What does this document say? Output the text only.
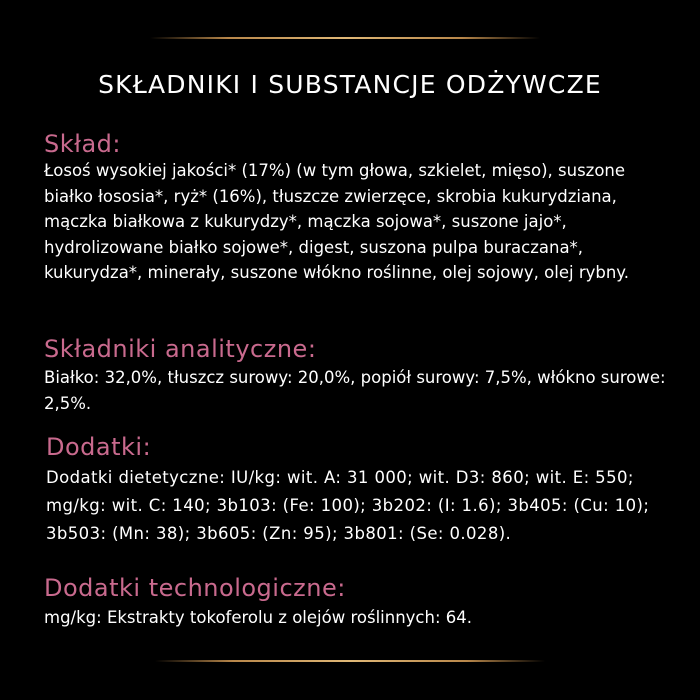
SKŁADNIKI I SUBSTANCJE ODŻYWCZE
Skład:
Łosoś wysokiej jakości* (17%) (w tym głowa, szkielet, mięso), suszone białko łososia*, ryż* (16%), tłuszcze zwierzęce, skrobia kukurydziana, mączka białkowa z kukurydzy*, mączka sojowa*, suszone jajo*, hydrolizowane białko sojowe*, digest, suszona pulpa buraczana*, kukurydza*, minerały, suszone włókno roślinne, olej sojowy, olej rybny.
Składniki analityczne:
Białko: 32,0%, tłuszcz surowy: 20,0%, popiół surowy: 7,5%, włókno surowe: 2,5%.
Dodatki:
Dodatki dietetyczne: IU/kg: wit. A: 31 000; wit. D3: 860; wit. E: 550; mg/kg: wit. C: 140; 3b103: (Fe: 100); 3b202: (I: 1.6); 3b405: (Cu: 10); 3b503: (Mn: 38); 3b605: (Zn: 95); 3b801: (Se: 0.028).
Dodatki technologiczne:
mg/kg: Ekstrakty tokoferolu z olejów roślinnych: 64.
